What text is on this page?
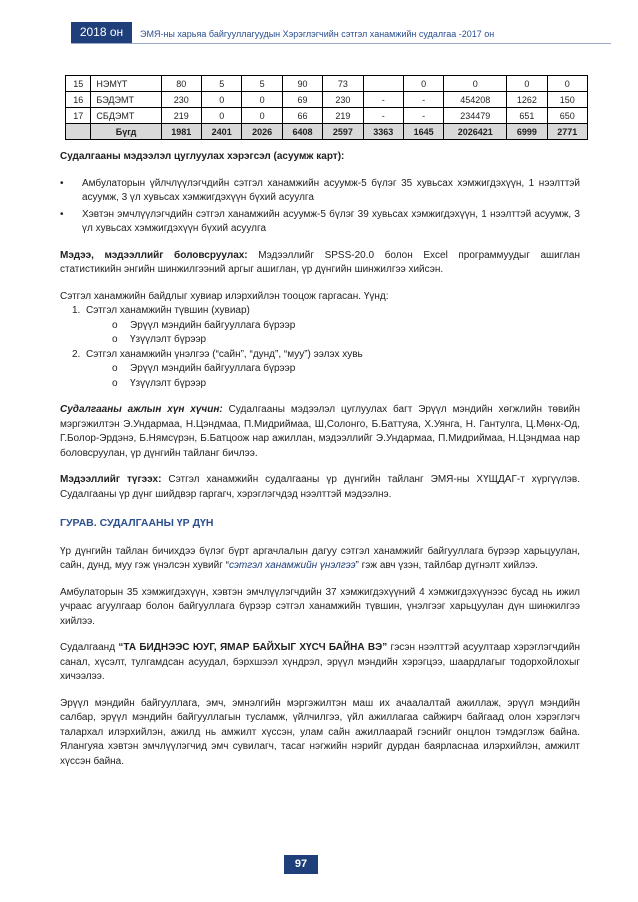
2018 он	ЭМЯ-ны харьяа байгууллагуудын Хэрэглэгчийн сэтгэл ханамжийн судалгаа -2017 он
15	НЭМҮТ	80	5	5	90	73		0	0	0	0
16	БЭДЭМТ	230	0	0	69	230	-	-	454208	1262	150
17	СБДЭМТ	219	0	0	66	219	-	-	234479	651	650
	Бүгд	1981	2401	2026	6408	2597	3363	1645	2026421	6999	2771

Судалгааны мэдээлэл цуглуулах хэрэгсэл (асуумж карт):

• Амбулаторын үйлчлүүлэгчдийн сэтгэл ханамжийн асуумж-5 бүлэг 35 хувьсах хэмжигдэхүүн, 1 нээлттэй асуумж, 3 үл хувьсах хэмжигдэхүүн бүхий асуулга
• Хэвтэн эмчлүүлэгчдийн сэтгэл ханамжийн асуумж-5 бүлэг 39 хувьсах хэмжигдэхүүн, 1 нээлттэй асуумж, 3 үл хувьсах хэмжигдэхүүн бүхий асуулга

Мэдээ, мэдээллийг боловсруулах: Мэдээллийг SPSS-20.0 болон Excel программуудыг ашиглан статистикийн энгийн шинжилгээний аргыг ашиглан, үр дүнгийн шинжилгээ хийсэн.

Сэтгэл ханамжийн байдлыг хувиар илэрхийлэн тооцож гаргасан. Үүнд:

1. Сэтгэл ханамжийн түвшин (хувиар)
o Эрүүл мэндийн байгууллага бүрээр
o Үзүүлэлт бүрээр
2. Сэтгэл ханамжийн үнэлгээ (“сайн”, “дунд”, “муу”) ээлэх хувь
o Эрүүл мэндийн байгууллага бүрээр
o Үзүүлэлт бүрээр

Судалгааны ажлын хүн хүчин: Судалгааны мэдээлэл цуглуулах багт Эрүүл мэндийн хөгжлийн төвийн мэргэжилтэн Э.Ундармаа, Н.Цэндмаа, П.Мидриймаа, Ш,Солонго, Б.Баттуяа, Х.Уянга, Н. Гантулга, Ц.Мөнх-Од, Г.Болор-Эрдэнэ, Б.Нямсүрэн, Б.Батцоож нар ажиллан, мэдээллийг Э.Ундармаа, П.Мидриймаа, Н.Цэндмаа нар боловсруулан, үр дүнгийн тайланг бичлээ.

Мэдээллийг түгээх: Сэтгэл ханамжийн судалгааны үр дүнгийн тайланг ЭМЯ-ны ХҮЩДАГ-т хүргүүлэв. Судалгааны үр дүнг шийдвэр гаргагч, хэрэглэгчдэд нээлттэй мэдээлнэ.

ГУРАВ. СУДАЛГААНЫ ҮР ДҮН

Үр дүнгийн тайлан бичихдээ бүлэг бүрт аргачлалын дагуу сэтгэл ханамжийг байгууллага бүрээр харьцуулан, сайн, дунд, муу гэж үнэлсэн хувийг “сэтгэл ханамжийн үнэлгээ” гэж авч үзэн, тайлбар дүгнэлт хийлээ.

Амбулаторын 35 хэмжигдэхүүн, хэвтэн эмчлүүлэгчдийн 37 хэмжигдэхүүний 4 хэмжигдэхүүнээс бусад нь ижил учраас агуулгаар болон байгууллага бүрээр сэтгэл ханамжийн түвшин, үнэлгээг харьцуулан дүн шинжилгээ хийлээ.

Судалгаанд “ТА БИДНЭЭС ЮУГ, ЯМАР БАЙХЫГ ХҮСЧ БАЙНА ВЭ” гэсэн нээлттэй асуултаар хэрэглэгчдийн санал, хүсэлт, тулгамдсан асуудал, бэрхшээл хүндрэл, эрүүл мэндийн хэрэгцээ, шаардлагыг тодорхойлохыг хичээлээ.

Эрүүл мэндийн байгууллага, эмч, эмнэлгийн мэргэжилтэн маш их ачаалалтай ажиллаж, эрүүл мэндийн салбар, эрүүл мэндийн байгууллагын тусламж, үйлчилгээ, үйл ажиллагаа сайжирч байгаад олон хэрэглэгч талархал илэрхийлэн, ажилд нь амжилт хүссэн, улам сайн ажиллаарай гэснийг онцлон тэмдэглэж байна. Ялангуяа хэвтэн эмчлүүлэгчид эмч сувилагч, тасаг нэгжийн нэрийг дурдан баярласнаа илэрхийлэн, амжилт хүссэн байна.

97
